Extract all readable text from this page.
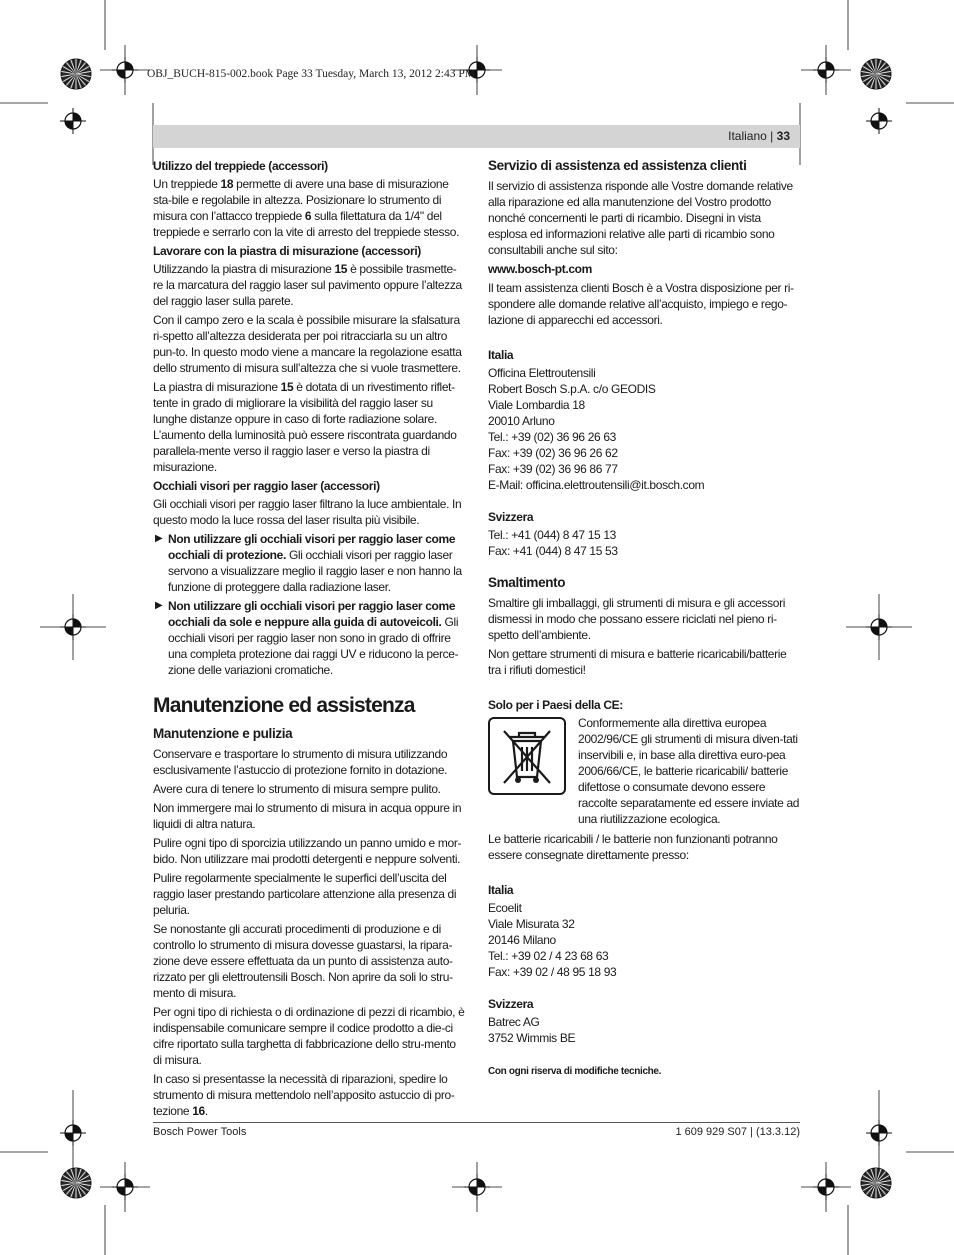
OBJ_BUCH-815-002.book Page 33 Tuesday, March 13, 2012 2:43 PM
Italiano | 33
Utilizzo del treppiede (accessori)

Un treppiede 18 permette di avere una base di misurazione sta-bile e regolabile in altezza. Posizionare lo strumento di misura con l’attacco treppiede 6 sulla filettatura da 1/4" del treppiede e serrarlo con la vite di arresto del treppiede stesso.

Lavorare con la piastra di misurazione (accessori)

Utilizzando la piastra di misurazione 15 è possibile trasmette-re la marcatura del raggio laser sul pavimento oppure l’altezza del raggio laser sulla parete.

Con il campo zero e la scala è possibile misurare la sfalsatura ri-spetto all’altezza desiderata per poi ritracciarla su un altro pun-to. In questo modo viene a mancare la regolazione esatta dello strumento di misura sull’altezza che si vuole trasmettere.

La piastra di misurazione 15 è dotata di un rivestimento riflet-tente in grado di migliorare la visibilità del raggio laser su lunghe distanze oppure in caso di forte radiazione solare. L’aumento della luminosità può essere riscontrata guardando parallela-mente verso il raggio laser e verso la piastra di misurazione.

Occhiali visori per raggio laser (accessori)

Gli occhiali visori per raggio laser filtrano la luce ambientale. In questo modo la luce rossa del laser risulta più visibile.

▶ Non utilizzare gli occhiali visori per raggio laser come occhiali di protezione. Gli occhiali visori per raggio laser servono a visualizzare meglio il raggio laser e non hanno la funzione di proteggere dalla radiazione laser.
▶ Non utilizzare gli occhiali visori per raggio laser come occhiali da sole e neppure alla guida di autoveicoli. Gli occhiali visori per raggio laser non sono in grado di offrire una completa protezione dai raggi UV e riducono la perce-zione delle variazioni cromatiche.
Manutenzione ed assistenza
Manutenzione e pulizia

Conservare e trasportare lo strumento di misura utilizzando esclusivamente l’astuccio di protezione fornito in dotazione.

Avere cura di tenere lo strumento di misura sempre pulito.

Non immergere mai lo strumento di misura in acqua oppure in liquidi di altra natura.

Pulire ogni tipo di sporcizia utilizzando un panno umido e mor-bido. Non utilizzare mai prodotti detergenti e neppure solventi.

Pulire regolarmente specialmente le superfici dell’uscita del raggio laser prestando particolare attenzione alla presenza di peluria.

Se nonostante gli accurati procedimenti di produzione e di controllo lo strumento di misura dovesse guastarsi, la ripara-zione deve essere effettuata da un punto di assistenza auto-rizzato per gli elettroutensili Bosch. Non aprire da soli lo stru-mento di misura.

Per ogni tipo di richiesta o di ordinazione di pezzi di ricambio, è indispensabile comunicare sempre il codice prodotto a die-ci cifre riportato sulla targhetta di fabbricazione dello stru-mento di misura.

In caso si presentasse la necessità di riparazioni, spedire lo strumento di misura mettendolo nell’apposito astuccio di pro-tezione 16.

Servizio di assistenza ed assistenza clienti

Il servizio di assistenza risponde alle Vostre domande relative alla riparazione ed alla manutenzione del Vostro prodotto nonché concernenti le parti di ricambio. Disegni in vista esplosa ed informazioni relative alle parti di ricambio sono consultabili anche sul sito:

www.bosch-pt.com

Il team assistenza clienti Bosch è a Vostra disposizione per ri-spondere alle domande relative all’acquisto, impiego e rego-lazione di apparecchi ed accessori.

Italia
Officina Elettroutensili
Robert Bosch S.p.A. c/o GEODIS
Viale Lombardia 18
20010 Arluno
Tel.: +39 (02) 36 96 26 63
Fax: +39 (02) 36 96 26 62
Fax: +39 (02) 36 96 86 77
E-Mail: officina.elettroutensili@it.bosch.com
Svizzera
Tel.: +41 (044) 8 47 15 13
Fax: +41 (044) 8 47 15 53
Smaltimento

Smaltire gli imballaggi, gli strumenti di misura e gli accessori dismessi in modo che possano essere riciclati nel pieno ri-spetto dell’ambiente.

Non gettare strumenti di misura e batterie ricaricabili/batterie tra i rifiuti domestici!

Solo per i Paesi della CE:
Conformemente alla direttiva europea 2002/96/CE gli strumenti di misura diven-tati inservibili e, in base alla direttiva euro-pea 2006/66/CE, le batterie ricaricabili/ batterie difettose o consumate devono essere raccolte separatamente ed essere inviate ad una riutilizzazione ecologica.

Le batterie ricaricabili / le batterie non funzionanti potranno essere consegnate direttamente presso:

Italia
Ecoelit
Viale Misurata 32
20146 Milano
Tel.: +39 02 / 4 23 68 63
Fax: +39 02 / 48 95 18 93
Svizzera
Batrec AG
3752 Wimmis BE
Con ogni riserva di modifiche tecniche.
Bosch Power Tools	1 609 929 S07 | (13.3.12)
